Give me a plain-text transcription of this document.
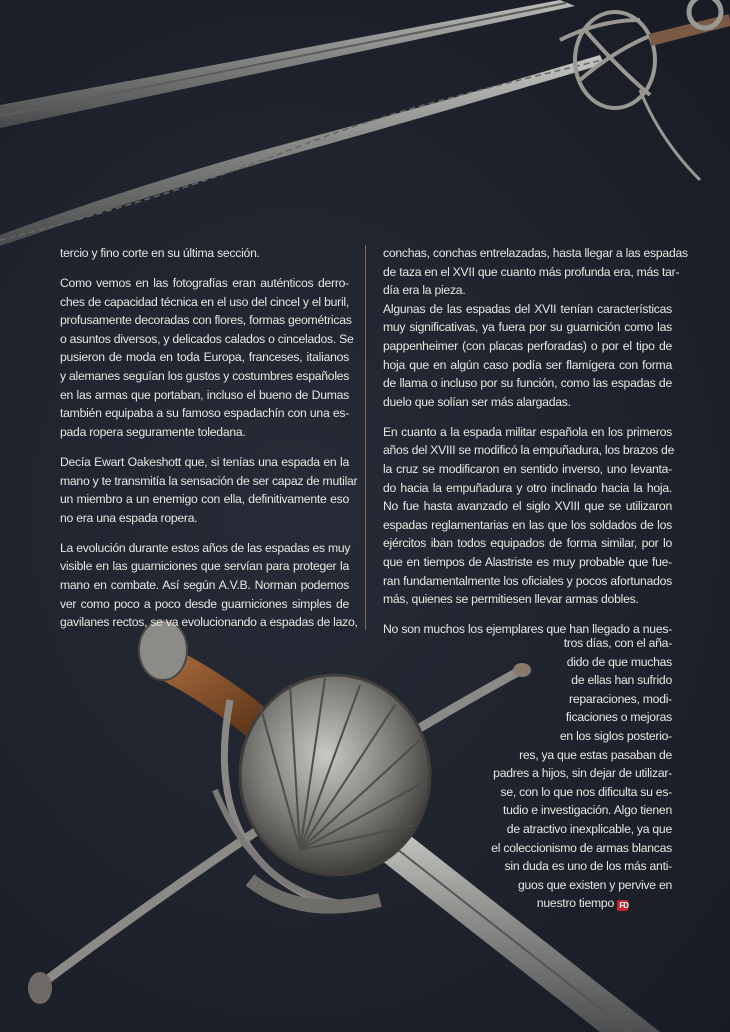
tercio y fino corte en su última sección.
Como vemos en las fotografías eran auténticos derro-
ches de capacidad técnica en el uso del cincel y el buril,
profusamente decoradas con flores, formas geométricas
o asuntos diversos, y delicados calados o cincelados. Se
pusieron de moda en toda Europa, franceses, italianos
y alemanes seguían los gustos y costumbres españoles
en las armas que portaban, incluso el bueno de Dumas
también equipaba a su famoso espadachín con una es-
pada ropera seguramente toledana.
Decía Ewart Oakeshott que, si tenías una espada en la
mano y te transmitía la sensación de ser capaz de mutilar
un miembro a un enemigo con ella, definitivamente eso
no era una espada ropera.
La evolución durante estos años de las espadas es muy
visible en las guarniciones que servían para proteger la
mano en combate. Así según A.V.B. Norman podemos
ver como poco a poco desde guarniciones simples de
gavilanes rectos, se va evolucionando a espadas de lazo,
conchas, conchas entrelazadas, hasta llegar a las espadas
de taza en el XVII que cuanto más profunda era, más tar-
día era la pieza.
Algunas de las espadas del XVII tenían características
muy significativas, ya fuera por su guarnición como las
pappenheimer (con placas perforadas) o por el tipo de
hoja que en algún caso podía ser flamígera con forma
de llama o incluso por su función, como las espadas de
duelo que solían ser más alargadas.
En cuanto a la espada militar española en los primeros
años del XVIII se modificó la empuñadura, los brazos de
la cruz se modificaron en sentido inverso, uno levanta-
do hacia la empuñadura y otro inclinado hacia la hoja.
No fue hasta avanzado el siglo XVIII que se utilizaron
espadas reglamentarias en las que los soldados de los
ejércitos iban todos equipados de forma similar, por lo
que en tiempos de Alastriste es muy probable que fue-
ran fundamentalmente los oficiales y pocos afortunados
más, quienes se permitiesen llevar armas dobles.
No son muchos los ejemplares que han llegado a nues-
tros días, con el aña-
dido de que muchas
de ellas han sufrido
reparaciones, modi-
ficaciones o mejoras
en los siglos posterio-
res, ya que estas pasaban de
padres a hijos, sin dejar de utilizar-
se, con lo que nos dificulta su es-
tudio e investigación. Algo tienen
de atractivo inexplicable, ya que
el coleccionismo de armas blancas
sin duda es uno de los más anti-
guos que existen y pervive en
nuestro tiempo FD
